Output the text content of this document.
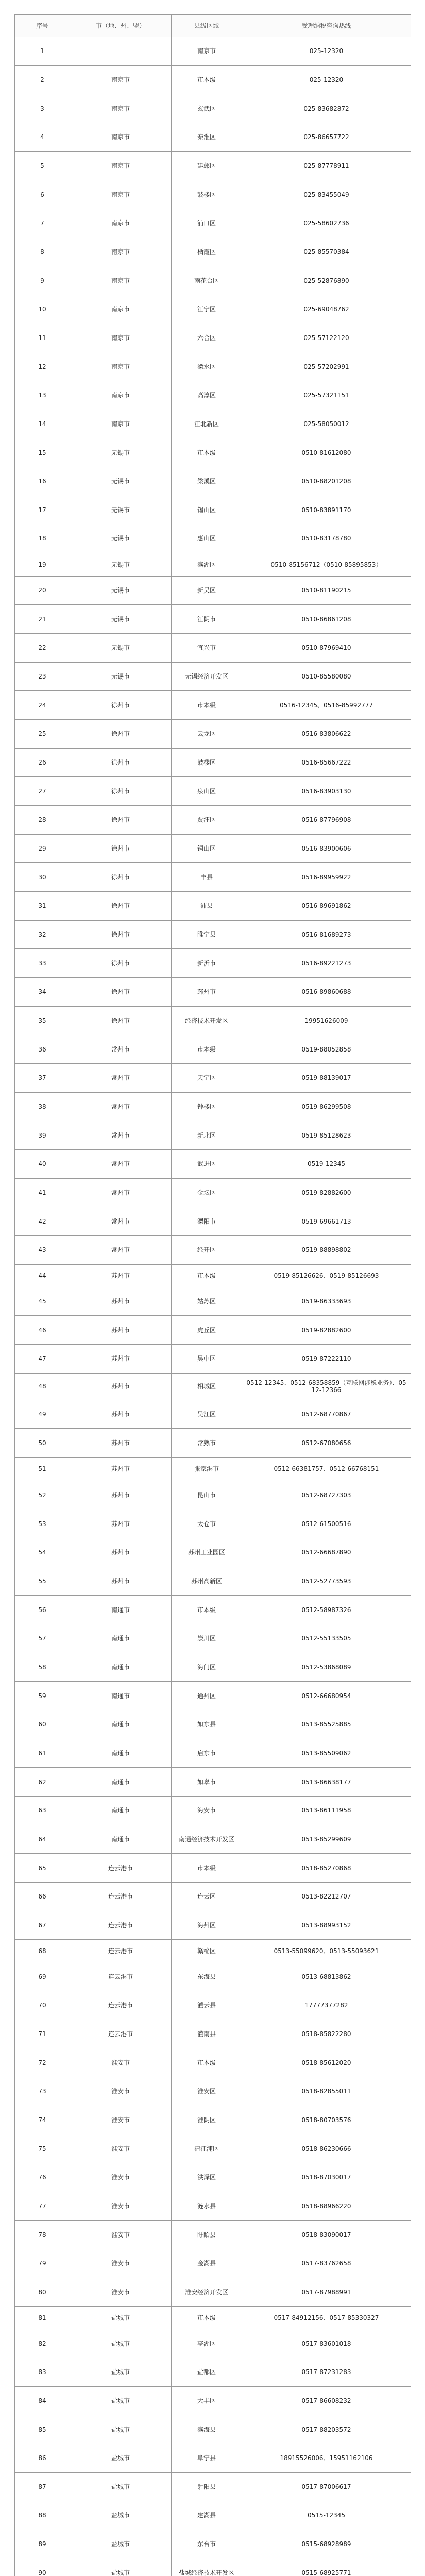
序号	市（地、州、盟）	县级区域	受理纳税咨询热线
1		南京市	025-12320
2	南京市	市本级	025-12320
3	南京市	玄武区	025-83682872
4	南京市	秦淮区	025-86657722
5	南京市	建邺区	025-87778911
6	南京市	鼓楼区	025-83455049
7	南京市	浦口区	025-58602736
8	南京市	栖霞区	025-85570384
9	南京市	雨花台区	025-52876890
10	南京市	江宁区	025-69048762
11	南京市	六合区	025-57122120
12	南京市	溧水区	025-57202991
13	南京市	高淳区	025-57321151
14	南京市	江北新区	025-58050012
15	无锡市	市本级	0510-81612080
16	无锡市	梁溪区	0510-88201208
17	无锡市	锡山区	0510-83891170
18	无锡市	惠山区	0510-83178780
19	无锡市	滨湖区	0510-85156712（0510-85895853）
20	无锡市	新吴区	0510-81190215
21	无锡市	江阴市	0510-86861208
22	无锡市	宜兴市	0510-87969410
23	无锡市	无锡经济开发区	0510-85580080
24	徐州市	市本级	0516-12345、0516-85992777
25	徐州市	云龙区	0516-83806622
26	徐州市	鼓楼区	0516-85667222
27	徐州市	泉山区	0516-83903130
28	徐州市	贾汪区	0516-87796908
29	徐州市	铜山区	0516-83900606
30	徐州市	丰县	0516-89959922
31	徐州市	沛县	0516-89691862
32	徐州市	睢宁县	0516-81689273
33	徐州市	新沂市	0516-89221273
34	徐州市	邳州市	0516-89860688
35	徐州市	经济技术开发区	19951626009
36	常州市	市本级	0519-88052858
37	常州市	天宁区	0519-88139017
38	常州市	钟楼区	0519-86299508
39	常州市	新北区	0519-85128623
40	常州市	武进区	0519-12345
41	常州市	金坛区	0519-82882600
42	常州市	溧阳市	0519-69661713
43	常州市	经开区	0519-88898802
44	苏州市	市本级	0519-85126626、0519-85126693
45	苏州市	姑苏区	0519-86333693
46	苏州市	虎丘区	0519-82882600
47	苏州市	吴中区	0519-87222110
48	苏州市	相城区	0512-12345、0512-68358859（互联网涉税业务）、0512-12366
49	苏州市	吴江区	0512-68770867
50	苏州市	常熟市	0512-67080656
51	苏州市	张家港市	0512-66381757、0512-66768151
52	苏州市	昆山市	0512-68727303
53	苏州市	太仓市	0512-61500516
54	苏州市	苏州工业园区	0512-66687890
55	苏州市	苏州高新区	0512-52773593
56	南通市	市本级	0512-58987326
57	南通市	崇川区	0512-55133505
58	南通市	海门区	0512-53868089
59	南通市	通州区	0512-66680954
60	南通市	如东县	0513-85525885
61	南通市	启东市	0513-85509062
62	南通市	如皋市	0513-86638177
63	南通市	海安市	0513-86111958
64	南通市	南通经济技术开发区	0513-85299609
65	连云港市	市本级	0518-85270868
66	连云港市	连云区	0513-82212707
67	连云港市	海州区	0513-88993152
68	连云港市	赣榆区	0513-55099620、0513-55093621
69	连云港市	东海县	0513-68813862
70	连云港市	灌云县	17777377282
71	连云港市	灌南县	0518-85822280
72	淮安市	市本级	0518-85612020
73	淮安市	淮安区	0518-82855011
74	淮安市	淮阴区	0518-80703576
75	淮安市	清江浦区	0518-86230666
76	淮安市	洪泽区	0518-87030017
77	淮安市	涟水县	0518-88966220
78	淮安市	盱眙县	0518-83090017
79	淮安市	金湖县	0517-83762658
80	淮安市	淮安经济开发区	0517-87988991
81	盐城市	市本级	0517-84912156、0517-85330327
82	盐城市	亭湖区	0517-83601018
83	盐城市	盐都区	0517-87231283
84	盐城市	大丰区	0517-86608232
85	盐城市	滨海县	0517-88203572
86	盐城市	阜宁县	18915526006、15951162106
87	盐城市	射阳县	0517-87006617
88	盐城市	建湖县	0515-12345
89	盐城市	东台市	0515-68928989
90	盐城市	盐城经济技术开发区	0515-68925771
